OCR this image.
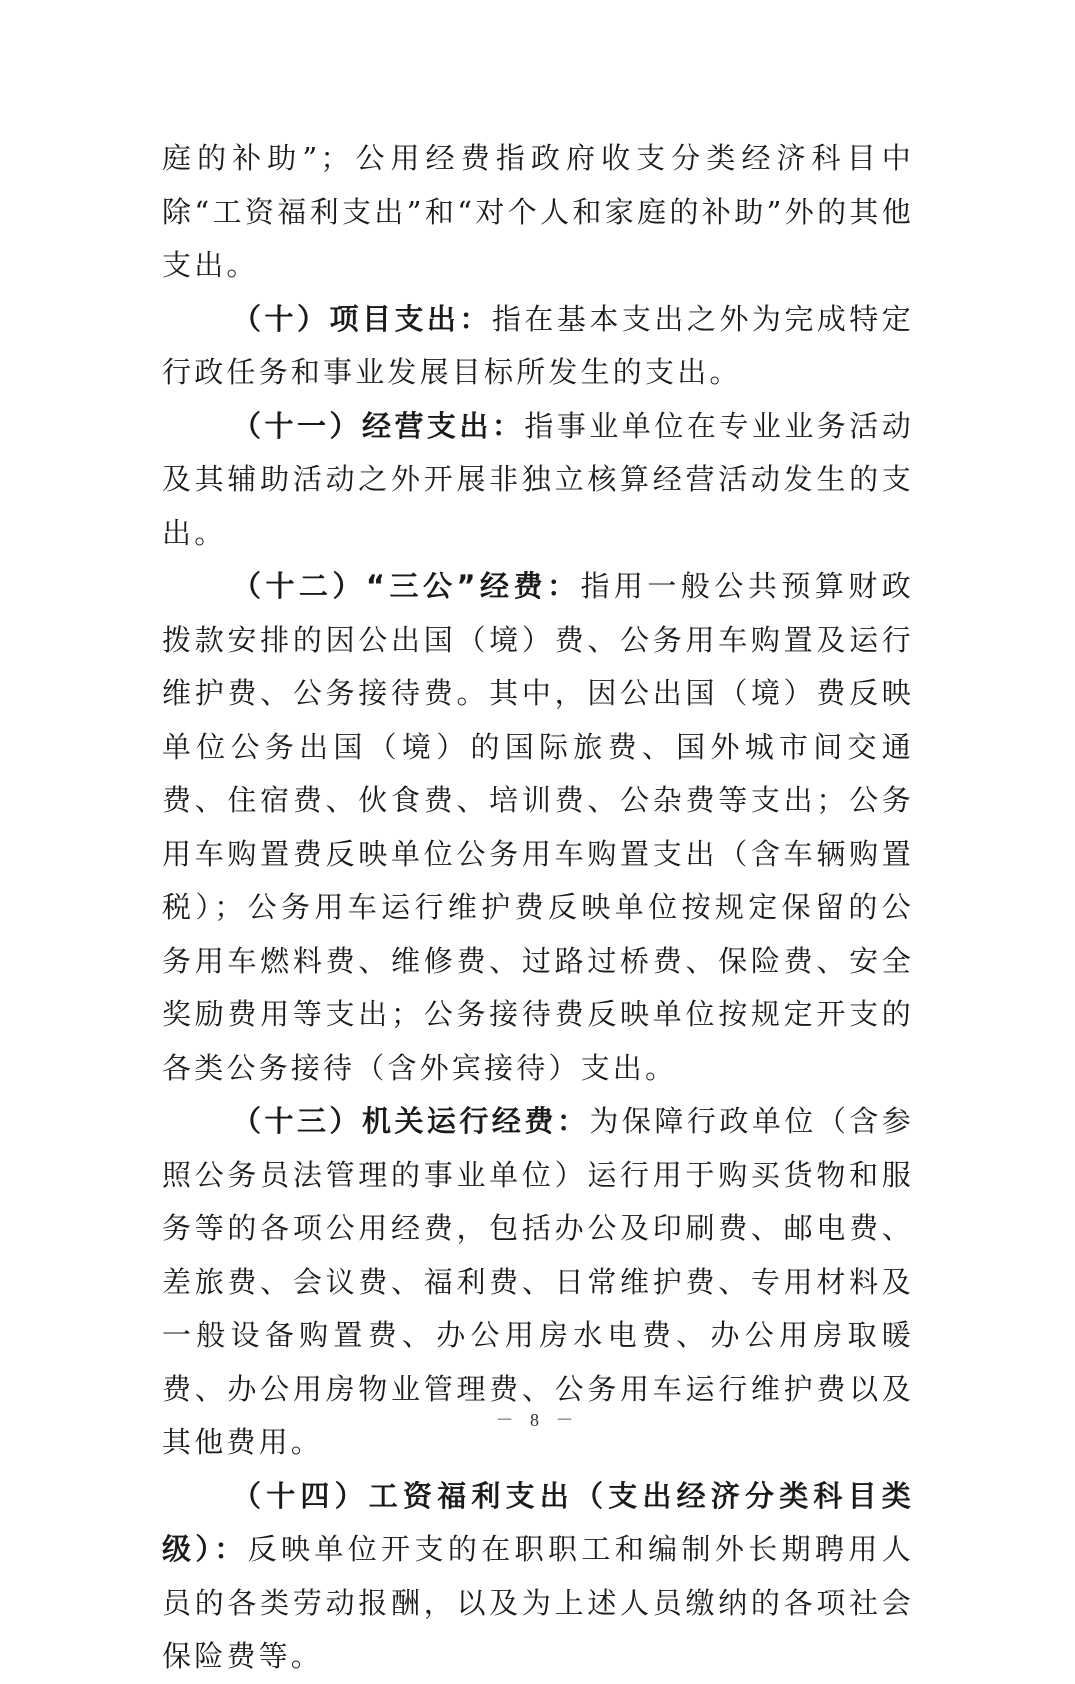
庭的补助”；公用经费指政府收支分类经济科目中除“工资福利支出”和“对个人和家庭的补助”外的其他支出。

（十）项目支出：指在基本支出之外为完成特定行政任务和事业发展目标所发生的支出。

（十一）经营支出：指事业单位在专业业务活动及其辅助活动之外开展非独立核算经营活动发生的支出。

（十二）“三公”经费：指用一般公共预算财政拨款安排的因公出国（境）费、公务用车购置及运行维护费、公务接待费。其中，因公出国（境）费反映单位公务出国（境）的国际旅费、国外城市间交通费、住宿费、伙食费、培训费、公杂费等支出；公务用车购置费反映单位公务用车购置支出（含车辆购置税）；公务用车运行维护费反映单位按规定保留的公务用车燃料费、维修费、过路过桥费、保险费、安全奖励费用等支出；公务接待费反映单位按规定开支的各类公务接待（含外宾接待）支出。

（十三）机关运行经费：为保障行政单位（含参照公务员法管理的事业单位）运行用于购买货物和服务等的各项公用经费，包括办公及印刷费、邮电费、差旅费、会议费、福利费、日常维护费、专用材料及一般设备购置费、办公用房水电费、办公用房取暖费、办公用房物业管理费、公务用车运行维护费以及其他费用。

（十四）工资福利支出（支出经济分类科目类级）：反映单位开支的在职职工和编制外长期聘用人员的各类劳动报酬，以及为上述人员缴纳的各项社会保险费等。

－ 8 －
